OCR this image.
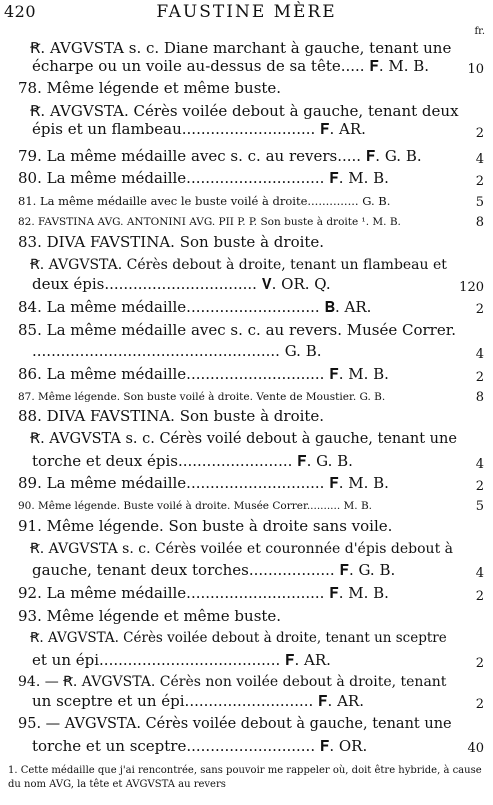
420	FAUSTINE MÈRE
fr.
Ꞧ. AVGVSTA s. c. Diane marchant à gauche, tenant une
écharpe ou un voile au-dessus de sa tête..... 𝐅. M. B.	10
78. Même légende et même buste.
Ꞧ. AVGVSTA. Cérès voilée debout à gauche, tenant deux
épis et un flambeau............................ 𝐅. AR.	2
79. La même médaille avec s. c. au revers..... 𝐅. G. B.	4
80. La même médaille............................. 𝐅. M. B.	2
81. La même médaille avec le buste voilé à droite.............. G. B.	5
82. FAVSTINA AVG. ANTONINI AVG. PII P. P. Son buste à droite ¹. M. B.	8
83. DIVA FAVSTINA. Son buste à droite.
Ꞧ. AVGVSTA. Cérès debout à droite, tenant un flambeau et
deux épis................................ 𝐕. OR. Q.	120
84. La même médaille............................ 𝐁. AR.	2
85. La même médaille avec s. c. au revers. Musée Correr.
.................................................... G. B.	4
86. La même médaille............................. 𝐅. M. B.	2
87. Même légende. Son buste voilé à droite. Vente de Moustier. G. B.	8
88. DIVA FAVSTINA. Son buste à droite.
Ꞧ. AVGVSTA s. c. Cérès voilé debout à gauche, tenant une
torche et deux épis........................ 𝐅. G. B.	4
89. La même médaille............................. 𝐅. M. B.	2
90. Même légende. Buste voilé à droite. Musée Correr.......... M. B.	5
91. Même légende. Son buste à droite sans voile.
Ꞧ. AVGVSTA s. c. Cérès voilée et couronnée d'épis debout à
gauche, tenant deux torches.................. 𝐅. G. B.	4
92. La même médaille............................. 𝐅. M. B.	2
93. Même légende et même buste.
Ꞧ. AVGVSTA. Cérès voilée debout à droite, tenant un sceptre
et un épi...................................... 𝐅. AR.	2
94. — Ꞧ. AVGVSTA. Cérès non voilée debout à droite, tenant
un sceptre et un épi........................... 𝐅. AR.	2
95. — AVGVSTA. Cérès voilée debout à gauche, tenant une
torche et un sceptre........................... 𝐅. OR.	40
1. Cette médaille que j'ai rencontrée, sans pouvoir me rappeler où, doit être hybride, à cause du nom AVG, la tête et AVGVSTA au revers
